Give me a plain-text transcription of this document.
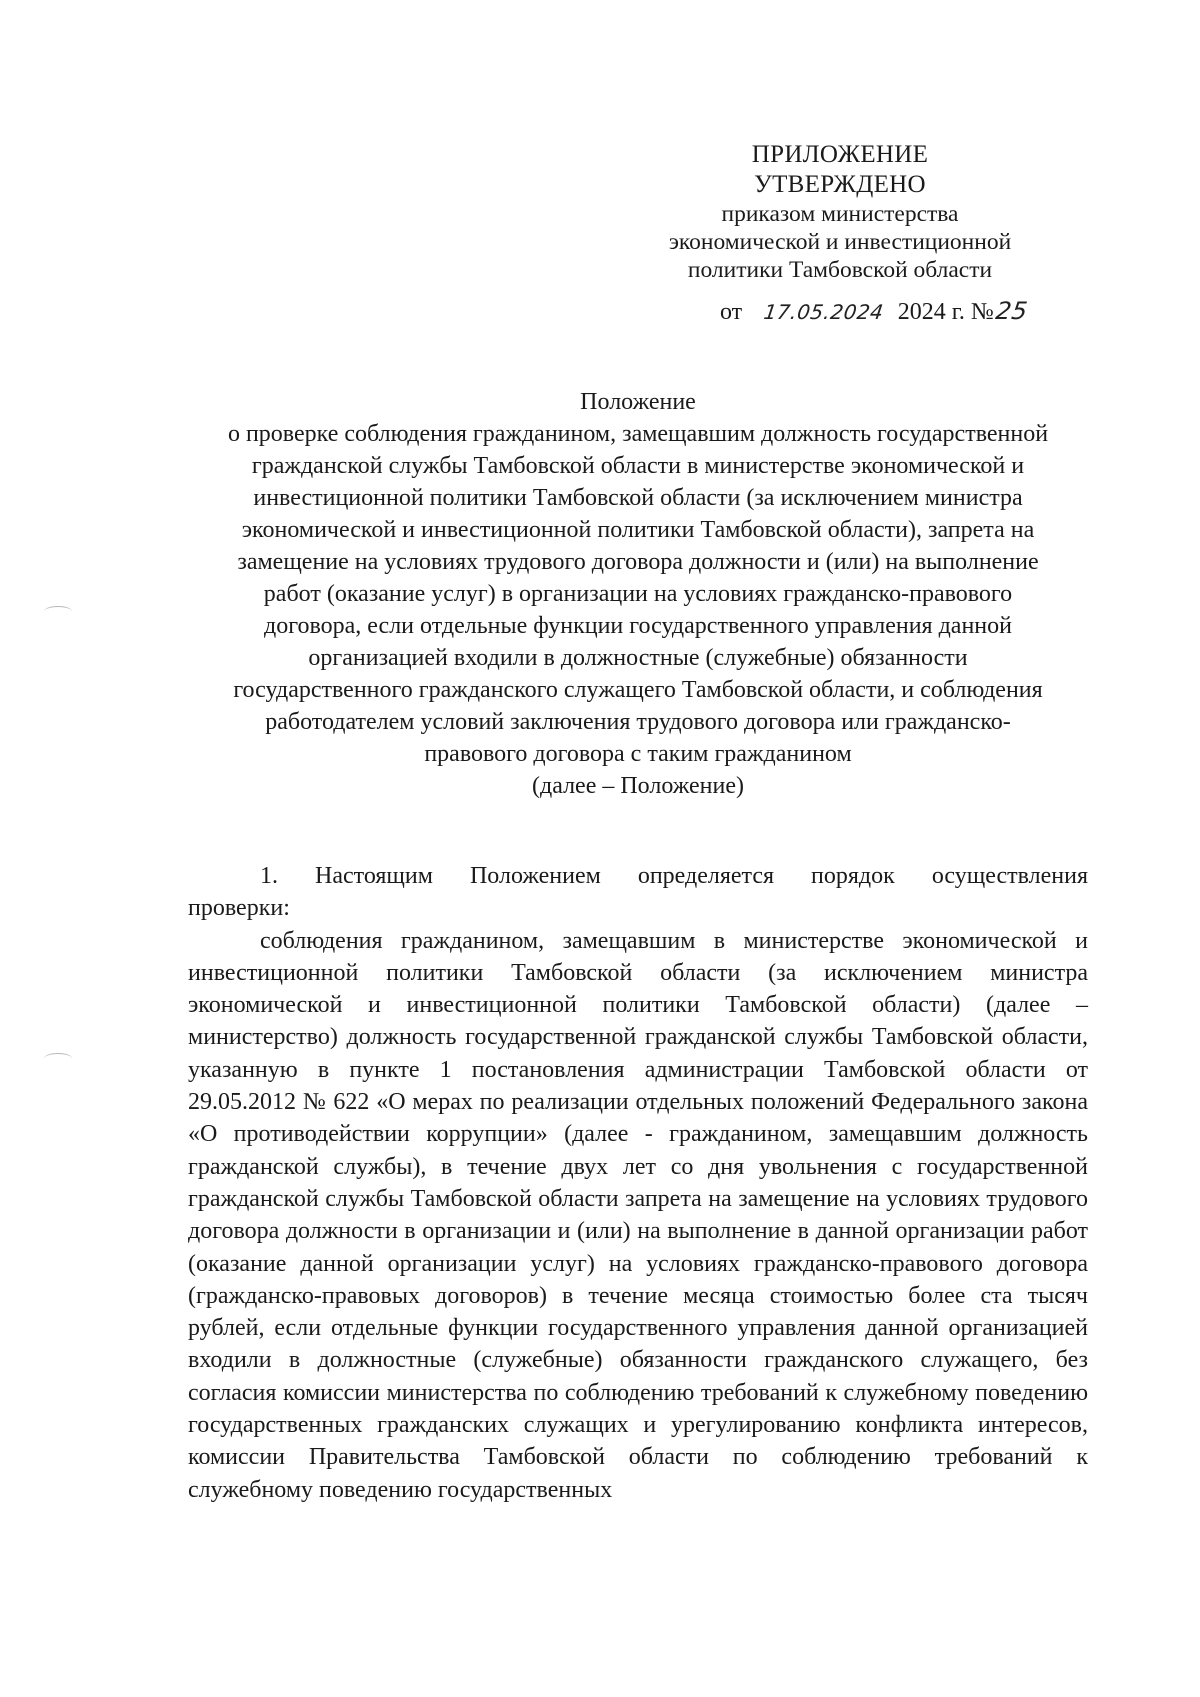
ПРИЛОЖЕНИЕ
УТВЕРЖДЕНО
приказом министерства
экономической и инвестиционной
политики Тамбовской области
от 17.05.2024 2024 г. №25
Положение
о проверке соблюдения гражданином, замещавшим должность государственной
гражданской службы Тамбовской области в министерстве экономической и
инвестиционной политики Тамбовской области (за исключением министра
экономической и инвестиционной политики Тамбовской области), запрета на
замещение на условиях трудового договора должности и (или) на выполнение
работ (оказание услуг) в организации на условиях гражданско-правового
договора, если отдельные функции государственного управления данной
организацией входили в должностные (служебные) обязанности
государственного гражданского служащего Тамбовской области, и соблюдения
работодателем условий заключения трудового договора или гражданско-
правового договора с таким гражданином
(далее – Положение)

1. Настоящим Положением определяется порядок осуществления

проверки:

соблюдения гражданином, замещавшим в министерстве экономической и инвестиционной политики Тамбовской области (за исключением министра экономической и инвестиционной политики Тамбовской области) (далее – министерство) должность государственной гражданской службы Тамбовской области, указанную в пункте 1 постановления администрации Тамбовской области от 29.05.2012 № 622 «О мерах по реализации отдельных положений Федерального закона «О противодействии коррупции» (далее - гражданином, замещавшим должность гражданской службы), в течение двух лет со дня увольнения с государственной гражданской службы Тамбовской области запрета на замещение на условиях трудового договора должности в организации и (или) на выполнение в данной организации работ (оказание данной организации услуг) на условиях гражданско-правового договора (гражданско-правовых договоров) в течение месяца стоимостью более ста тысяч рублей, если отдельные функции государственного управления данной организацией входили в должностные (служебные) обязанности гражданского служащего, без согласия комиссии министерства по соблюдению требований к служебному поведению государственных гражданских служащих и урегулированию конфликта интересов, комиссии Правительства Тамбовской области по соблюдению требований к служебному поведению государственных
